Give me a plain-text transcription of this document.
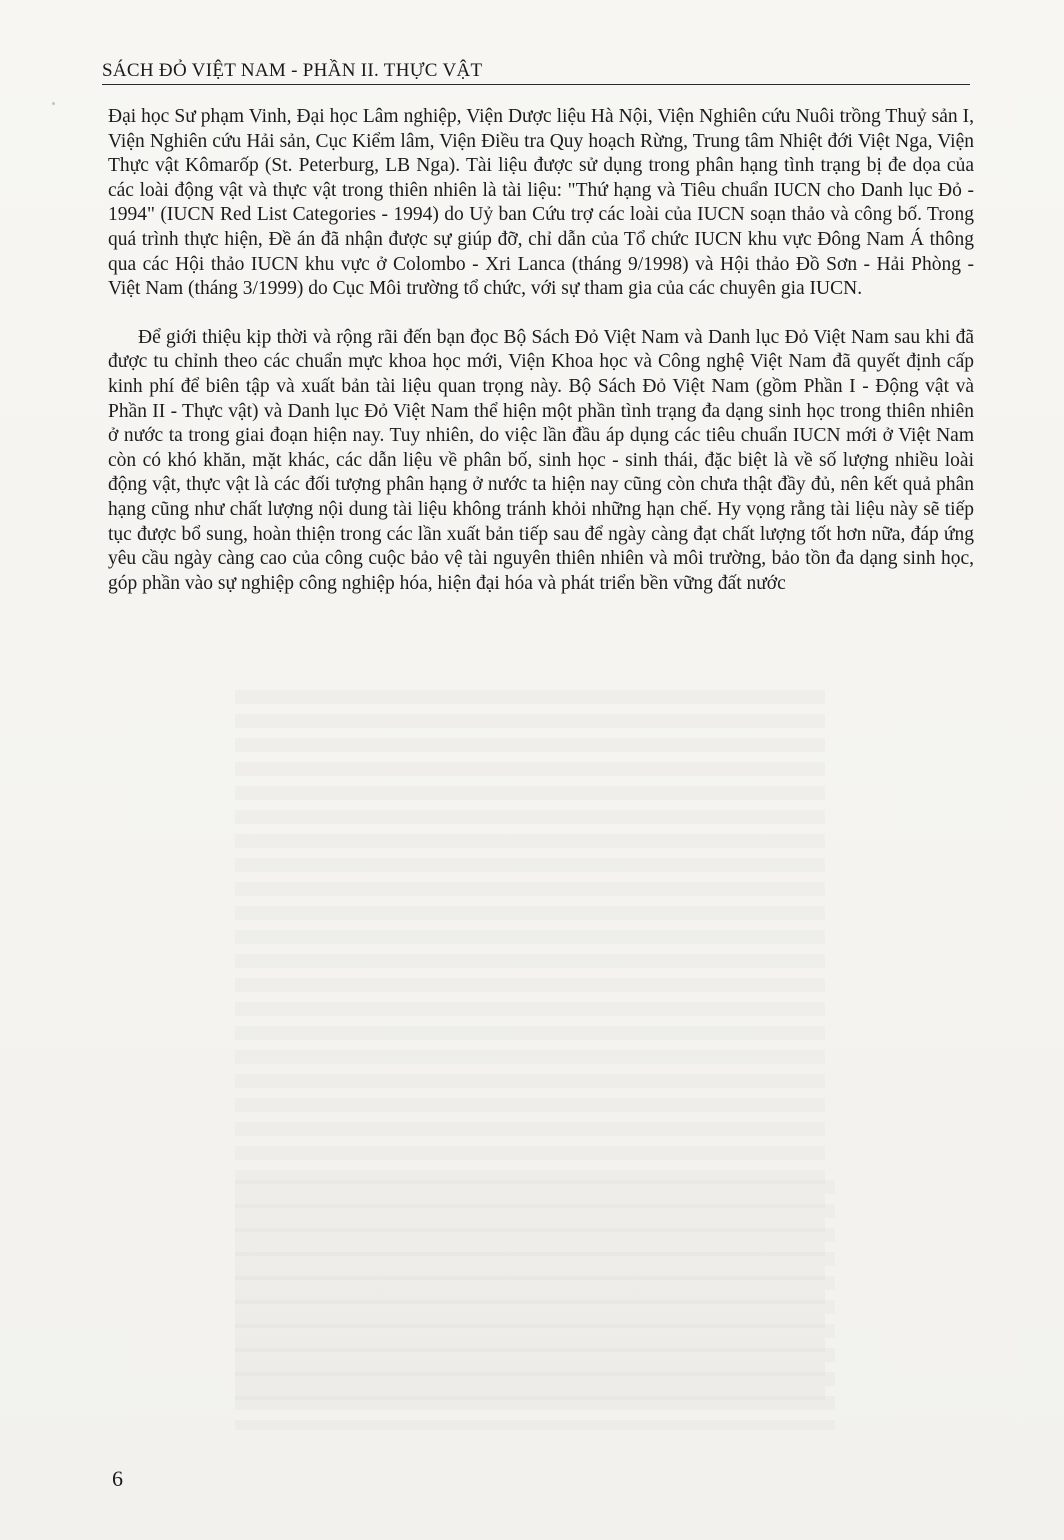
SÁCH ĐỎ VIỆT NAM - PHẦN II. THỰC VẬT

Đại học Sư phạm Vinh, Đại học Lâm nghiệp, Viện Dược liệu Hà Nội, Viện Nghiên cứu Nuôi trồng Thuỷ sản I, Viện Nghiên cứu Hải sản, Cục Kiểm lâm, Viện Điều tra Quy hoạch Rừng, Trung tâm Nhiệt đới Việt Nga, Viện Thực vật Kômarốp (St. Peterburg, LB Nga). Tài liệu được sử dụng trong phân hạng tình trạng bị đe dọa của các loài động vật và thực vật trong thiên nhiên là tài liệu: "Thứ hạng và Tiêu chuẩn IUCN cho Danh lục Đỏ - 1994" (IUCN Red List Categories - 1994) do Uỷ ban Cứu trợ các loài của IUCN soạn thảo và công bố. Trong quá trình thực hiện, Đề án đã nhận được sự giúp đỡ, chỉ dẫn của Tổ chức IUCN khu vực Đông Nam Á thông qua các Hội thảo IUCN khu vực ở Colombo - Xri Lanca (tháng 9/1998) và Hội thảo Đồ Sơn - Hải Phòng - Việt Nam (tháng 3/1999) do Cục Môi trường tổ chức, với sự tham gia của các chuyên gia IUCN.

Để giới thiệu kịp thời và rộng rãi đến bạn đọc Bộ Sách Đỏ Việt Nam và Danh lục Đỏ Việt Nam sau khi đã được tu chỉnh theo các chuẩn mực khoa học mới, Viện Khoa học và Công nghệ Việt Nam đã quyết định cấp kinh phí để biên tập và xuất bản tài liệu quan trọng này. Bộ Sách Đỏ Việt Nam (gồm Phần I - Động vật và Phần II - Thực vật) và Danh lục Đỏ Việt Nam thể hiện một phần tình trạng đa dạng sinh học trong thiên nhiên ở nước ta trong giai đoạn hiện nay. Tuy nhiên, do việc lần đầu áp dụng các tiêu chuẩn IUCN mới ở Việt Nam còn có khó khăn, mặt khác, các dẫn liệu về phân bố, sinh học - sinh thái, đặc biệt là về số lượng nhiều loài động vật, thực vật là các đối tượng phân hạng ở nước ta hiện nay cũng còn chưa thật đầy đủ, nên kết quả phân hạng cũng như chất lượng nội dung tài liệu không tránh khỏi những hạn chế. Hy vọng rằng tài liệu này sẽ tiếp tục được bổ sung, hoàn thiện trong các lần xuất bản tiếp sau để ngày càng đạt chất lượng tốt hơn nữa, đáp ứng yêu cầu ngày càng cao của công cuộc bảo vệ tài nguyên thiên nhiên và môi trường, bảo tồn đa dạng sinh học, góp phần vào sự nghiệp công nghiệp hóa, hiện đại hóa và phát triển bền vững đất nước

6
